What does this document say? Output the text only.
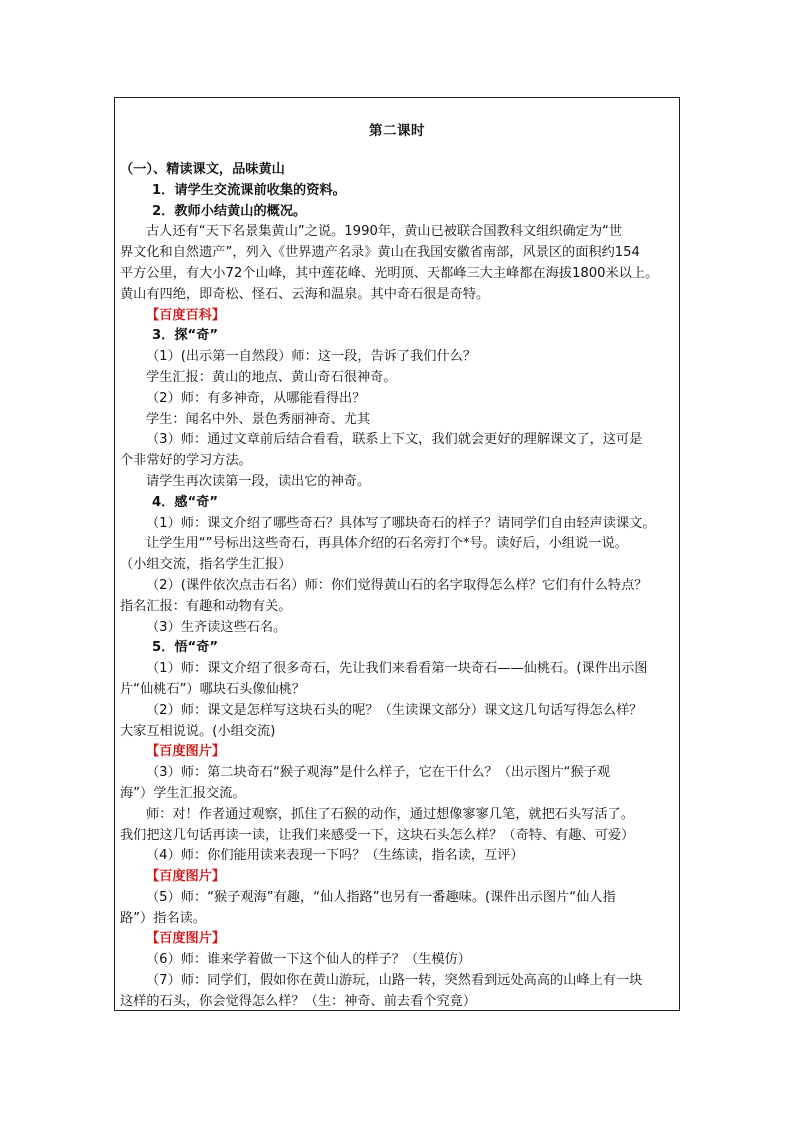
第二课时

（一）、精读课文，品味黄山

1．请学生交流课前收集的资料。

2．教师小结黄山的概况。

古人还有“天下名景集黄山”之说。1990年，黄山已被联合国教科文组织确定为“世

界文化和自然遗产”，列入《世界遗产名录》黄山在我国安徽省南部，风景区的面积约154

平方公里，有大小72个山峰，其中莲花峰、光明顶、天都峰三大主峰都在海拔1800米以上。

黄山有四绝，即奇松、怪石、云海和温泉。其中奇石很是奇特。

【百度百科】

3．探“奇”

（1）(出示第一自然段）师：这一段，告诉了我们什么？

学生汇报：黄山的地点、黄山奇石很神奇。

（2）师：有多神奇，从哪能看得出？

学生：闻名中外、景色秀丽神奇、尤其

（3）师：通过文章前后结合看看，联系上下文，我们就会更好的理解课文了，这可是

个非常好的学习方法。

请学生再次读第一段，读出它的神奇。

4．感“奇”

（1）师：课文介绍了哪些奇石？具体写了哪块奇石的样子？请同学们自由轻声读课文。

让学生用“”号标出这些奇石，再具体介绍的石名旁打个*号。读好后，小组说一说。

（小组交流，指名学生汇报）

（2）(课件依次点击石名）师：你们觉得黄山石的名字取得怎么样？它们有什么特点？

指名汇报：有趣和动物有关。

（3）生齐读这些石名。

5．悟“奇”

（1）师：课文介绍了很多奇石，先让我们来看看第一块奇石——仙桃石。(课件出示图

片“仙桃石”）哪块石头像仙桃？

（2）师：课文是怎样写这块石头的呢？（生读课文部分）课文这几句话写得怎么样？

大家互相说说。(小组交流)

【百度图片】

（3）师：第二块奇石“猴子观海”是什么样子，它在干什么？（出示图片“猴子观

海”）学生汇报交流。

师：对！作者通过观察，抓住了石猴的动作，通过想像寥寥几笔，就把石头写活了。

我们把这几句话再读一读，让我们来感受一下，这块石头怎么样？（奇特、有趣、可爱）

（4）师：你们能用读来表现一下吗？（生练读，指名读，互评）

【百度图片】

（5）师：“猴子观海”有趣，“仙人指路”也另有一番趣味。(课件出示图片“仙人指

路”）指名读。

【百度图片】

（6）师：谁来学着做一下这个仙人的样子？（生模仿）

（7）师：同学们，假如你在黄山游玩，山路一转，突然看到远处高高的山峰上有一块

这样的石头，你会觉得怎么样？（生：神奇、前去看个究竟）
